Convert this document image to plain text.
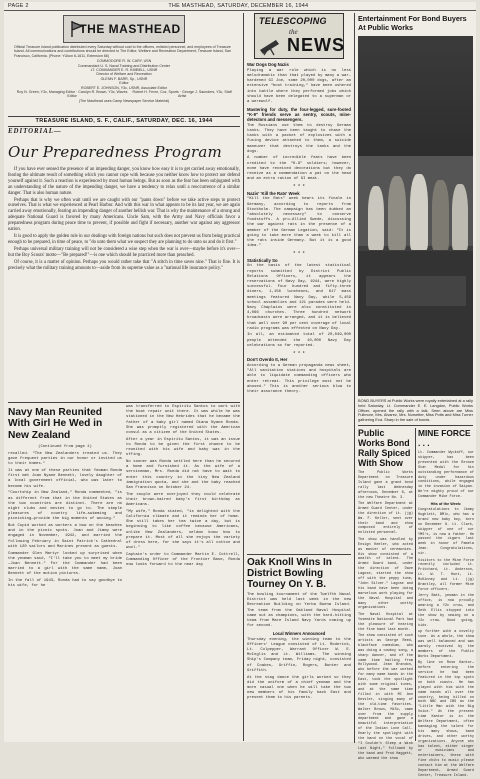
PAGE 2	THE MASTHEAD, SATURDAY, DECEMBER 16, 1944
THE MASTHEAD
Official Treasure Island publication distributed every Saturday without cost to the officers, enlisted personnel, and employees of Treasure Island. All communications and contributions should be directed to The Editor, Welfare and Recreation Department, Treasure Island, San Francisco, California. (Phone: YUkon 6-1611, Extension 66)
COMMODORE R. W. CARY, USN
Commandant U. S. Naval Training and Distribution Center
LT. COMMANDER E. R. KIMBELL, USNR
Director of Welfare and Recreation
GLENN F. BARR, Sp., USNR
Editor
ROBERT E. JOHNSON, Y3c, USNR, Associate Editor
Roy N. Green, Y3c, Managing Editor · Carolyn R. Brown, Y3c, Waves Editor
Robert H. Fevre, Coz, Sports · George J. Saunders, Y3c, Staff Artist
(The Masthead uses Camp Newspaper Service Material)
TREASURE ISLAND, S. F., CALIF., SATURDAY, DEC. 16, 1944
EDITORIAL—
Our Preparedness Program

If you have ever sensed the presence of an impending danger, you know how easy it is to get carried away emotionally, fearing the ultimate result of something which you cannot cope with because you neither know how to protect nor defend yourself against it. Such a reaction is experienced by most human beings. But as soon as the fear has been subjugated with an understanding of the nature of the impending danger, we have a tendency to relax until a reoccurrence of a similar danger. That is also human nature.

Perhaps that is why we often wait until we are caught with our "pants down" before we take active steps to protect ourselves. That is what we experienced at Pearl Harbor. And with this war in what appears to be its last year, we are again carried away emotionally, fearing an impending danger of another hellish war. That is why the maintenance of a strong and adequate National Guard is favored by many Americans. Uncle Sam, with the Army and Navy officials favor a preparedness program during peace time to prevent, if possible and fight if necessary, another war against any aggressor nation.

It is good to apply the golden rule in our dealings with foreign nations but such does not prevent us from being practical enough to be prepared, in time of peace, to "do unto them what we suspect they are planning to do unto us and do it first."

Perhaps universal military training will not be considered a wise step when the war is over—maybe before it's over—but the Boy Scouts' motto—"Be prepared!"—is one which should be practiced more than preached.

Of course, it is a matter of opinion. Perhaps you would rather take that "A stitch in time saves nine." That is fine. It is precisely what the military training amounts to—aside from its supreme value as a "national life insurance policy."

Navy Man Reunited With Girl He Wed in New Zealand

(Continued from page 1)

recalled. "The New Zealanders treated us. They gave frequent parties in our honor or invited us to their homes."

It was at one of these parties that Yeoman Ronda first met Joan Nyane Bennett, lovely daughter of a local government official, who was later to become his wife.

"Courtship in New Zealand," Ronda commented, "is as different from that in the United States as the two countries are distinct. There are no night clubs and movies to go to. The simple pleasures of country life—swimming and picnicking—provide the big moments of wooing."

But Cupid worked as workers a bow on the beaches and in the picnic spots. Joan and Jimmy were engaged in November, 1942, and married the following February in Saint Patrick's Cathedral with 120 sailors and Marines present as guests.

Commander Glen Martyr looked up surprised when the yeoman said, "I'll take you to meet my bride —Joan Bennett." For the Commander had been married to a girl with the same name, Joan Bennett of the motion pictures.

In the fall of 1943, Ronda had to say goodbye to his wife, for he

was transferred to Espiritu Santos to work with the boat repair unit there. It was while he was stationed in the New Hebrides that he became the father of a baby girl named Diana Nyane Ronda. She was promptly registered with the American consul as a citizen of the United States.

After a year in Espiritu Santos, it was an issue to Ronda to be given the first chance to be reunited with his wife and baby was in the offing.

No sooner was Ronda settled here than he secured a home and furnished it. As the wife of a serviceman, Mrs. Ronda did not have to wait to enter this country in the tiny New Zealand immigration quota, and she and the baby reached San Francisco on October 24.

The couple were overjoyed they could celebrate their brown-haired baby's first birthday as Americans.

"My wife," Ronda stated, "is delighted with the California climate and it reminds her of home. She still takes her tea twice a day, but is beginning to like coffee because Americans, unlike New Zealanders, seldom know how to prepare it. Most of all she enjoys the variety of dress here, for she says it's all cotton and wool."

Captain's order to Commander Martin E. Cottrell, Commanding Officer of the Frontier Base, Ronda now looks forward to the near day

TELESCOPING
the
NEWS

War Dogs Dog Nazis

Playing a war role which is no less melodramatic than that played by many a war-hardened GI Joe, some 20,000 dogs, after an extensive "boot training," have been ushered into battle where they performed jobs which should have been delegated to a superman or a werewolf.

Mastering for duty, the four-legged, sure-footed "K-9" friends serve as sentry, scouts, mine-detectors and messengers.

The Russians use them to destroy German tanks. They have been taught to chase the tanks with a packet of explosives with a fusing device attached to them, a suicide maneuver that destroys the tanks and the dogs.

A number of incredible feats have been credited to the "K-9" soldiers; however, none have received decorations but they do receive as a commendation a pat on the head and an extra ration of GI meat.

★ ★ ★

Nazis' 'Kill the Rats' Week

"Kill the Rats" week bears its finale in Germany, according to reports from Stockholm. The campaign has been dubbed an "absolutely necessary" to conserve foodstuffs. A pro-Allied Swede, discussing the war against rats in the presence of a member of the German Legation, said: "It is going to take more than a week to kill all the rats inside Germany. But it is a good idea."

★ ★ ★

Statistically So

On the basis of the latest statistical reports submitted by District Public Relations Officers, it appears the reservations of Navy Day, 1944, were highly successful. Four hundred and fifty-three diners, 1,156 luncheons, and 617 mass meetings featured Navy Day, while 5,459 school assemblies and 121 parades were held. Navy Chaplains were also constituted in 4,066 churches. Three hundred network broadcasts were arranged, and it is believed that well over 90 per cent coverage of local radio programs was effected on Navy Day.

In all, an estimated total of 20,049,000 people attended the 10,000 Navy Day celebrations so far reported.

★ ★ ★

Don't Overdo It, Her

According to a German propaganda news sheet, "All sanitation stations and hospitals are able to liquidate commanding officers who enter retreat. This privilege must not be abused." This is another serious blow to their assurance theory.

Oak Knoll Wins In District Bowling Tourney On Y. B.

The bowling tournament of the Twelfth Naval District was held last week in the new Recreation Building on Yerba Buena Island. The team from the Oakland Naval Hospital came out as champions, with the hard-hitting team from Mare Island Navy Yards coming up for second.

Local Winners Announced

Thursday evening, the winning team to the Officers' League consisted of Lt. Roderick, Lt. Culpepper, Warrant Officer W. E. McInglis and Lt. Williams. The winning Ship's Company team, Friday night, consisted of Coakes, Griffin, Rogers, Bunter and Griffith.

At the stag dance the girls worked so they did the uniform of a chief yeoman and the more casual one when he will take the two new members of his family back East and present them to his parents.

Entertainment For Bond Buyers At Public Works
BOND BUYERS at Public Works were royally entertained at a rally held Saturday. Lt. Commander E. E. Langdon, Public Works Officer, opened the rally with a talk. Seen above are Miss Fullmore, Mrs. Alvarez, Mrs. Norsetter, Miss Potts and Miss Turner gathering Eva. Sharp in the sale of bonds.
Public Works Bond Rally Spiced With Show

The Public Works Department on Treasure Island gave a grand bond rally last Wednesday afternoon, December 6, at the new Theatre No. 3.

The Welfare Department at Armed Guard Center, under the direction of Lt. (jg) Wm. F. Keller, sent over their band and show composed entirely of enlisted personnel.

The show was handled by Ensign Keeler, who acted as master of ceremonies. His show consisted of a wealth of talent. The Armed Guard band, under the direction of Dave Lagose, started the show off with the peppy tune, "John Silver." Lagose and his band have been doing marvelous work playing for the Naval Hospital and many other worthy organizations.

The Naval Hospital at Yosemite National Park had the pleasure of hearing the fine band last month.

The show consisted of such artists as George Reed, blackface comedian, who was doing a cowboy song, a sharp dancer, and of the same time hailing from Hollywood. Jean Brandon, who before the war worked for many name bands in the East, took the spotlight with some original tunes, and at the same time filled in with MC Ann Kessler, singing many of the old-time favorites. Walter Brown, MiSc, came over from the supply department and gave a beautiful interpretation of the Indian Love Call. Dearly the spotlight with the band on the vocal of "I Couldn't Sleep a Wink Last Night," followed by the band and Prod Haggett, who warmed the show

MINE FORCE . . .

Lt. Commander Wyckoff, our skipper, has been presented with the Bronze Star Medal for his outstanding performance of duty under hazardous conditions, while engaged in the invasion of Saipan. We're mighty proud of our Commander Mike Force.

Hits of the Week:

Congratulations to Jimmy Hughlett, BMlc, who has a brand new baby boy, born on December 8. Lt. Clark, skipper of one of our YMS's, is now a father. He passed the cigars last week in honor of Pamela Jean. Congratulations, sir.

Visitors to the Mine Force recently included Lt. Pritchard, Lt. Anderson, Lt. W. T. Hunt, Lt. McKinney and Lt. (jg) Brantley, all former Mine Force officers.

Jerry Batt, yeoman in the office, is now proudly wearing a Y2c crow, and Seth Ellis stopped into the show by sewing on a Y2c crow. Good going, kids.

up further with a novelty tune. As a whole, the show was well balanced and was warmly received by the members of the Public Works Department.

By line on Rose Kantor—before entering the service he had been featured in the top spots on both coasts. He has played with him with the name bands all over the country, being billed on both NBC and CBS as the "Little Man with the Big Voice." At the present time Kantor is in the Welfare Department, often bandaging the talent for his many shows, band drives, and other worthy organizations. Anyone who has talent, either singer or musicians and entertainers, these with fine chits to music please contact him at the Welfare Department, Armed Guard Center, Treasure Island.
